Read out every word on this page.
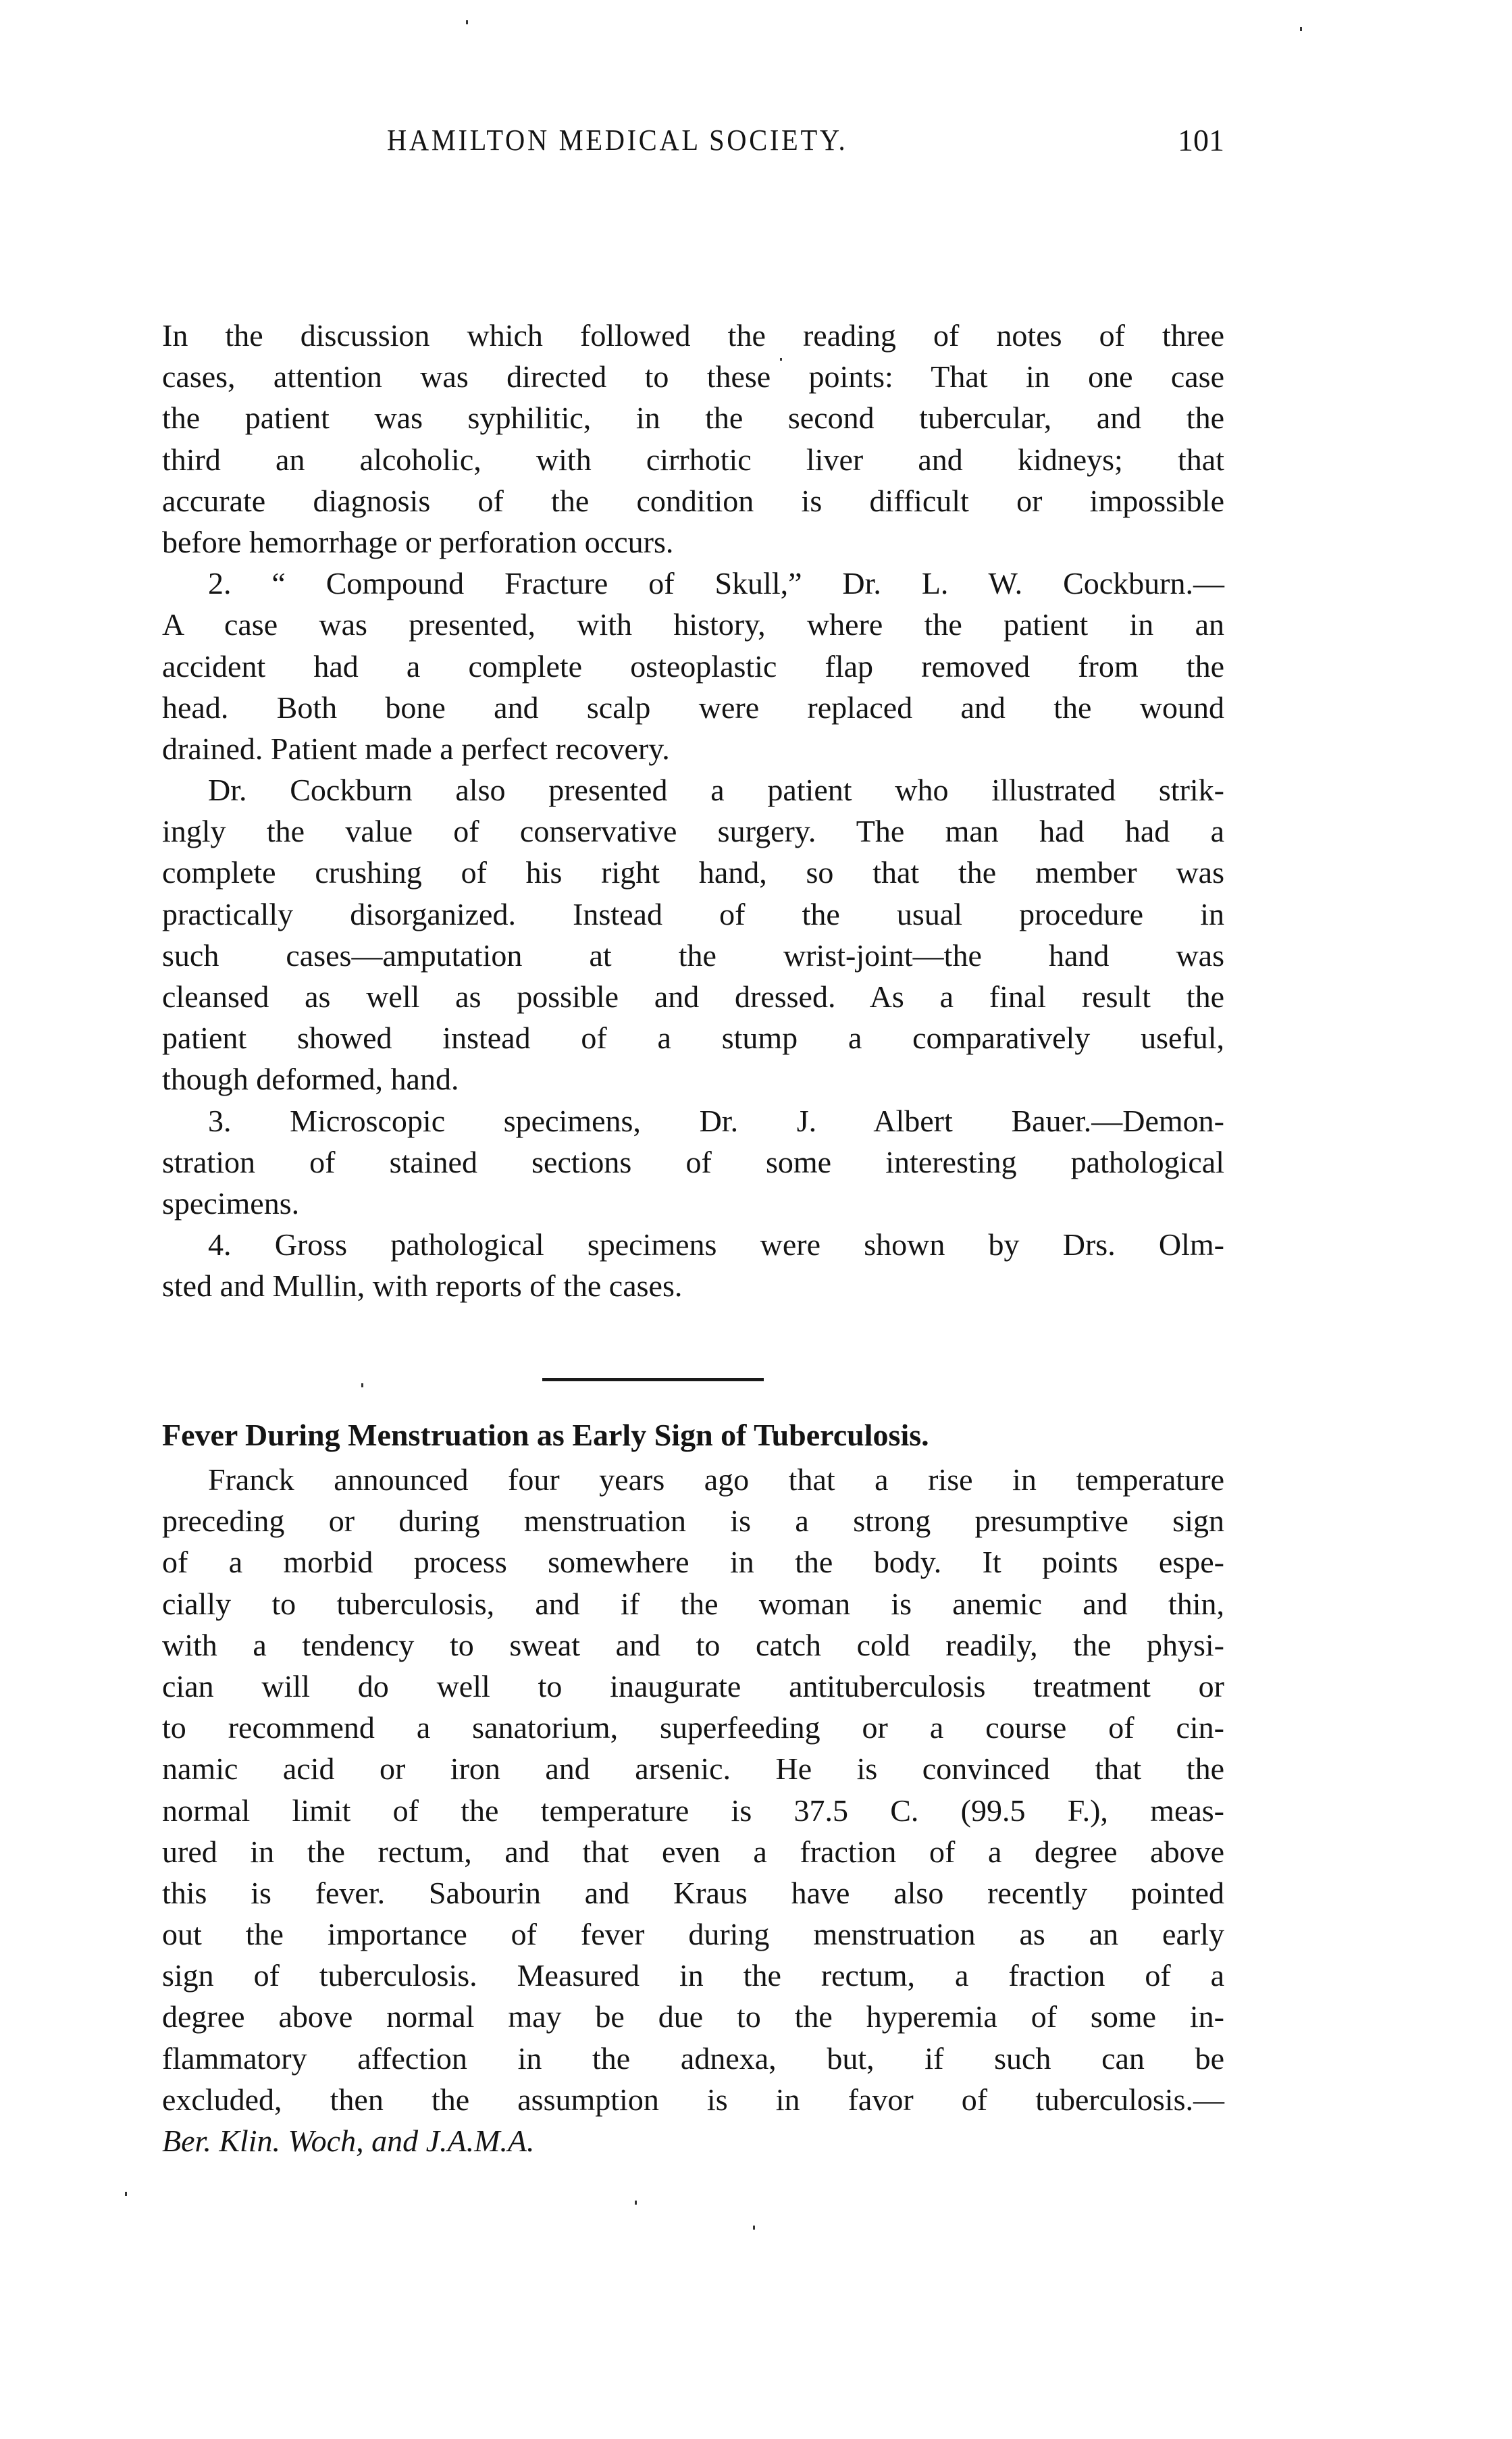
HAMILTON MEDICAL SOCIETY.	101
In the discussion which followed the reading of notes of three
cases, attention was directed to these points: That in one case
the patient was syphilitic, in the second tubercular, and the
third an alcoholic, with cirrhotic liver and kidneys; that
accurate diagnosis of the condition is difficult or impossible
before hemorrhage or perforation occurs.
2. “ Compound Fracture of Skull,” Dr. L. W. Cockburn.—
A case was presented, with history, where the patient in an
accident had a complete osteoplastic flap removed from the
head. Both bone and scalp were replaced and the wound
drained. Patient made a perfect recovery.
Dr. Cockburn also presented a patient who illustrated strik-
ingly the value of conservative surgery. The man had had a
complete crushing of his right hand, so that the member was
practically disorganized. Instead of the usual procedure in
such cases—amputation at the wrist-joint—the hand was
cleansed as well as possible and dressed. As a final result the
patient showed instead of a stump a comparatively useful,
though deformed, hand.
3. Microscopic specimens, Dr. J. Albert Bauer.—Demon-
stration of stained sections of some interesting pathological
specimens.
4. Gross pathological specimens were shown by Drs. Olm-
sted and Mullin, with reports of the cases.
Fever During Menstruation as Early Sign of Tuberculosis.
Franck announced four years ago that a rise in temperature
preceding or during menstruation is a strong presumptive sign
of a morbid process somewhere in the body. It points espe-
cially to tuberculosis, and if the woman is anemic and thin,
with a tendency to sweat and to catch cold readily, the physi-
cian will do well to inaugurate antituberculosis treatment or
to recommend a sanatorium, superfeeding or a course of cin-
namic acid or iron and arsenic. He is convinced that the
normal limit of the temperature is 37.5 C. (99.5 F.), meas-
ured in the rectum, and that even a fraction of a degree above
this is fever. Sabourin and Kraus have also recently pointed
out the importance of fever during menstruation as an early
sign of tuberculosis. Measured in the rectum, a fraction of a
degree above normal may be due to the hyperemia of some in-
flammatory affection in the adnexa, but, if such can be
excluded, then the assumption is in favor of tuberculosis.—
Ber. Klin. Woch, and J.A.M.A.
